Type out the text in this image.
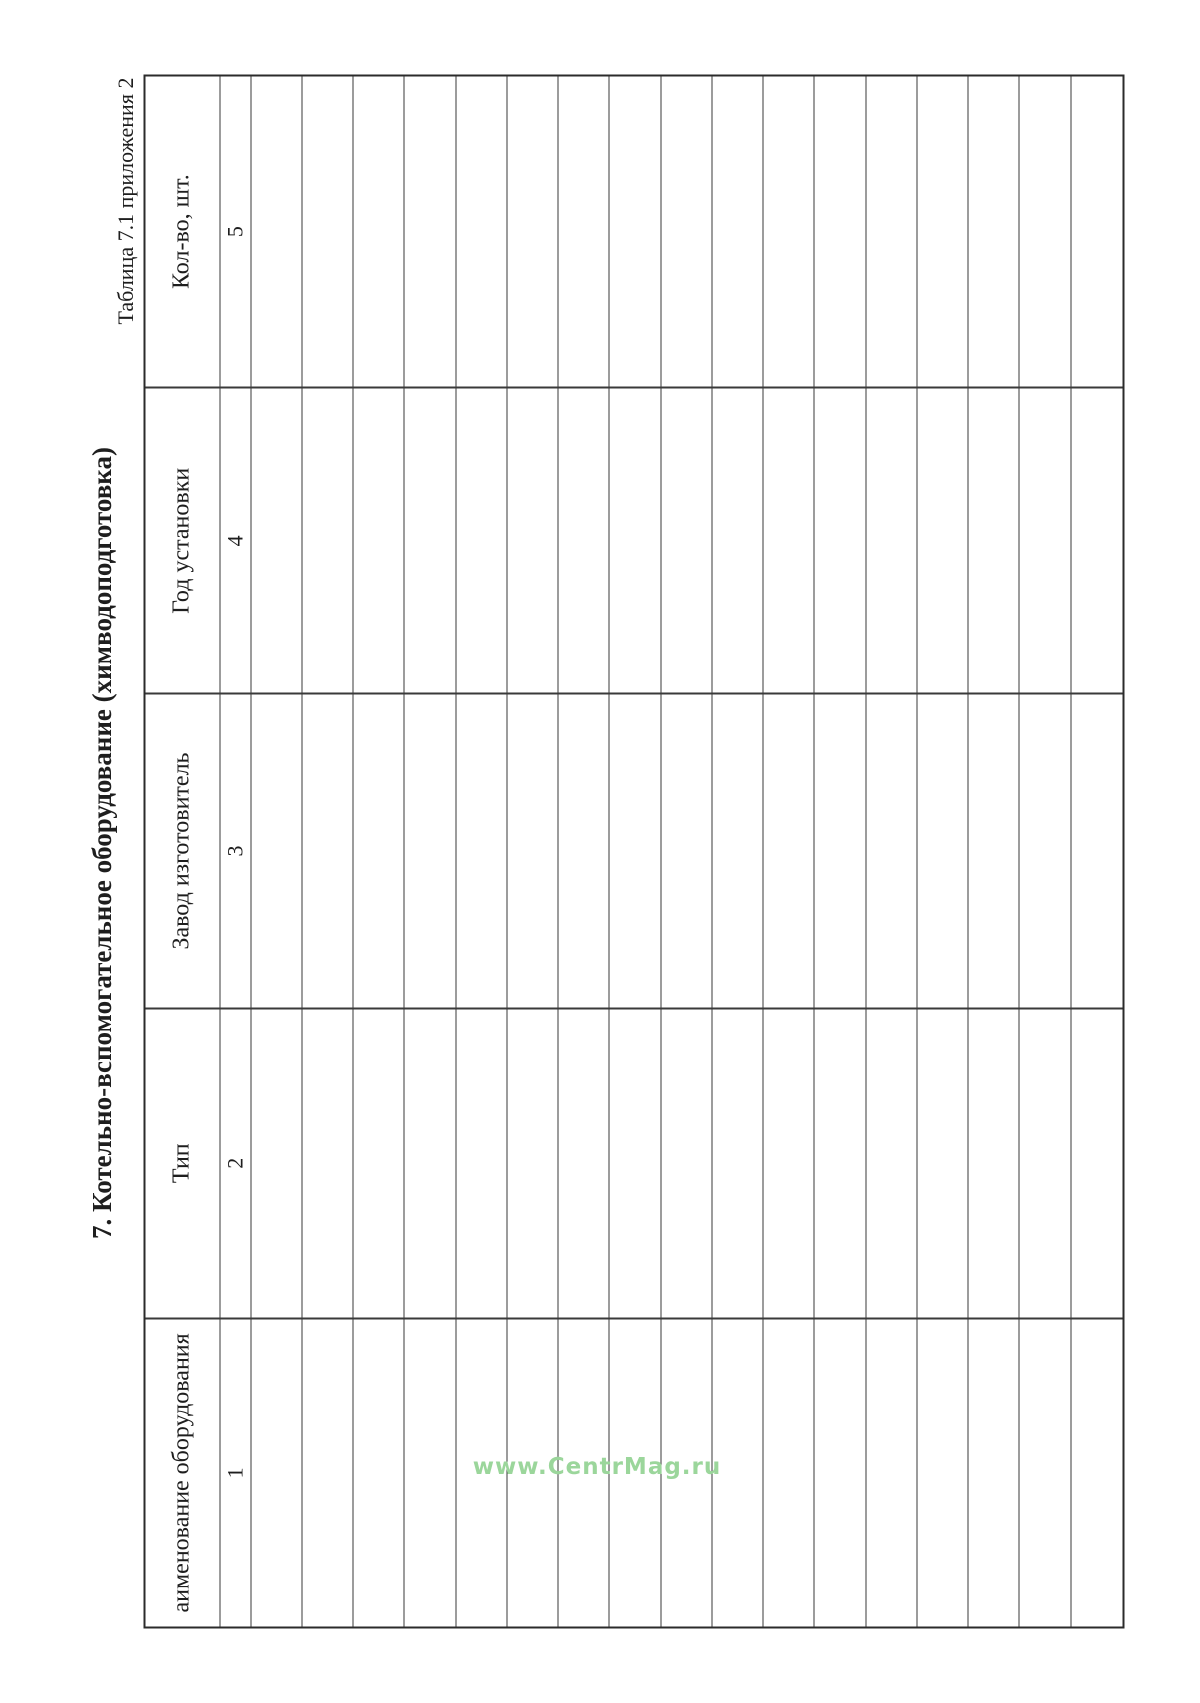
Таблица 7.1 приложения 2
7. Котельно-вспомогательное оборудование (химводоподготовка)
аименование оборудования
Тип
Завод изготовитель
Год установки
Кол-во, шт.
1
2
3
4
5
www.CentrMag.ru
